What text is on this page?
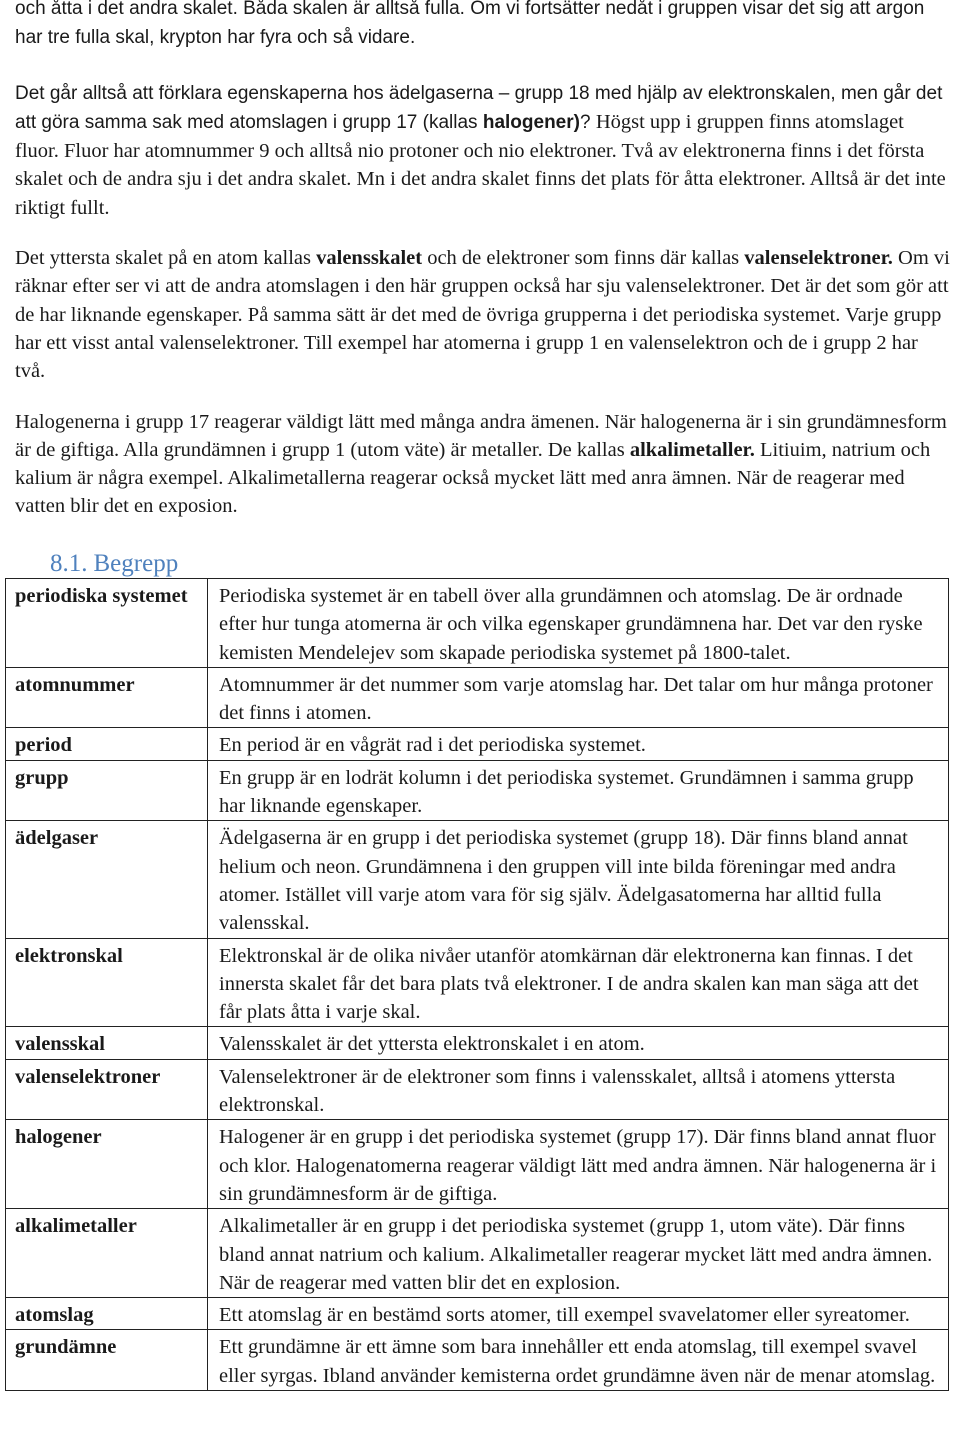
och åtta i det andra skalet. Båda skalen är alltså fulla. Om vi fortsätter nedåt i gruppen visar det sig att argon har tre fulla skal, krypton har fyra och så vidare.

Det går alltså att förklara egenskaperna hos ädelgaserna – grupp 18 med hjälp av elektronskalen, men går det att göra samma sak med atomslagen i grupp 17 (kallas halogener)? Högst upp i gruppen finns atomslaget fluor. Fluor har atomnummer 9 och alltså nio protoner och nio elektroner. Två av elektronerna finns i det första skalet och de andra sju i det andra skalet. Mn i det andra skalet finns det plats för åtta elektroner. Alltså är det inte riktigt fullt.

Det yttersta skalet på en atom kallas valensskalet och de elektroner som finns där kallas valenselektroner. Om vi räknar efter ser vi att de andra atomslagen i den här gruppen också har sju valenselektroner. Det är det som gör att de har liknande egenskaper. På samma sätt är det med de övriga grupperna i det periodiska systemet. Varje grupp har ett visst antal valenselektroner. Till exempel har atomerna i grupp 1 en valenselektron och de i grupp 2 har två.

Halogenerna i grupp 17 reagerar väldigt lätt med många andra ämenen. När halogenerna är i sin grundämnesform är de giftiga. Alla grundämnen i grupp 1 (utom väte) är metaller. De kallas alkalimetaller. Litiuim, natrium och kalium är några exempel. Alkalimetallerna reagerar också mycket lätt med anra ämnen. När de reagerar med vatten blir det en exposion.

8.1. Begrepp
periodiska systemet	Periodiska systemet är en tabell över alla grundämnen och atomslag. De är ordnade efter hur tunga atomerna är och vilka egenskaper grundämnena har. Det var den ryske kemisten Mendelejev som skapade periodiska systemet på 1800-talet.
atomnummer	Atomnummer är det nummer som varje atomslag har. Det talar om hur många protoner det finns i atomen.
period	En period är en vågrät rad i det periodiska systemet.
grupp	En grupp är en lodrät kolumn i det periodiska systemet. Grundämnen i samma grupp har liknande egenskaper.
ädelgaser	Ädelgaserna är en grupp i det periodiska systemet (grupp 18). Där finns bland annat helium och neon. Grundämnena i den gruppen vill inte bilda föreningar med andra atomer. Istället vill varje atom vara för sig själv. Ädelgasatomerna har alltid fulla valensskal.
elektronskal	Elektronskal är de olika nivåer utanför atomkärnan där elektronerna kan finnas. I det innersta skalet får det bara plats två elektroner. I de andra skalen kan man säga att det får plats åtta i varje skal.
valensskal	Valensskalet är det yttersta elektronskalet i en atom.
valenselektroner	Valenselektroner är de elektroner som finns i valensskalet, alltså i atomens yttersta elektronskal.
halogener	Halogener är en grupp i det periodiska systemet (grupp 17). Där finns bland annat fluor och klor. Halogenatomerna reagerar väldigt lätt med andra ämnen. När halogenerna är i sin grundämnesform är de giftiga.
alkalimetaller	Alkalimetaller är en grupp i det periodiska systemet (grupp 1, utom väte). Där finns bland annat natrium och kalium. Alkalimetaller reagerar mycket lätt med andra ämnen. När de reagerar med vatten blir det en explosion.
atomslag	Ett atomslag är en bestämd sorts atomer, till exempel svavelatomer eller syreatomer.
grundämne	Ett grundämne är ett ämne som bara innehåller ett enda atomslag, till exempel svavel eller syrgas. Ibland använder kemisterna ordet grundämne även när de menar atomslag.
